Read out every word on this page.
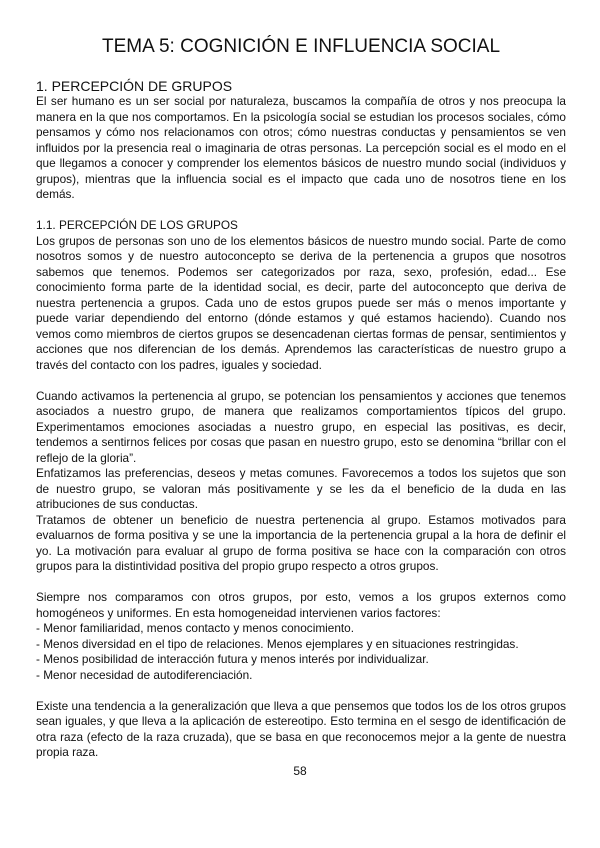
TEMA 5: COGNICIÓN E INFLUENCIA SOCIAL
1. PERCEPCIÓN DE GRUPOS

El ser humano es un ser social por naturaleza, buscamos la compañía de otros y nos preocupa la manera en la que nos comportamos. En la psicología social se estudian los procesos sociales, cómo pensamos y cómo nos relacionamos con otros; cómo nuestras conductas y pensamientos se ven influidos por la presencia real o imaginaria de otras personas. La percepción social es el modo en el que llegamos a conocer y comprender los elementos básicos de nuestro mundo social (individuos y grupos), mientras que la influencia social es el impacto que cada uno de nosotros tiene en los demás.

1.1. PERCEPCIÓN DE LOS GRUPOS

Los grupos de personas son uno de los elementos básicos de nuestro mundo social. Parte de como nosotros somos y de nuestro autoconcepto se deriva de la pertenencia a grupos que nosotros sabemos que tenemos. Podemos ser categorizados por raza, sexo, profesión, edad... Ese conocimiento forma parte de la identidad social, es decir, parte del autoconcepto que deriva de nuestra pertenencia a grupos. Cada uno de estos grupos puede ser más o menos importante y puede variar dependiendo del entorno (dónde estamos y qué estamos haciendo). Cuando nos vemos como miembros de ciertos grupos se desencadenan ciertas formas de pensar, sentimientos y acciones que nos diferencian de los demás. Aprendemos las características de nuestro grupo a través del contacto con los padres, iguales y sociedad.

Cuando activamos la pertenencia al grupo, se potencian los pensamientos y acciones que tenemos asociados a nuestro grupo, de manera que realizamos comportamientos típicos del grupo. Experimentamos emociones asociadas a nuestro grupo, en especial las positivas, es decir, tendemos a sentirnos felices por cosas que pasan en nuestro grupo, esto se denomina “brillar con el reflejo de la gloria”.

Enfatizamos las preferencias, deseos y metas comunes. Favorecemos a todos los sujetos que son de nuestro grupo, se valoran más positivamente y se les da el beneficio de la duda en las atribuciones de sus conductas.

Tratamos de obtener un beneficio de nuestra pertenencia al grupo. Estamos motivados para evaluarnos de forma positiva y se une la importancia de la pertenencia grupal a la hora de definir el yo. La motivación para evaluar al grupo de forma positiva se hace con la comparación con otros grupos para la distintividad positiva del propio grupo respecto a otros grupos.

Siempre nos comparamos con otros grupos, por esto, vemos a los grupos externos como homogéneos y uniformes. En esta homogeneidad intervienen varios factores:

- Menor familiaridad, menos contacto y menos conocimiento.
- Menos diversidad en el tipo de relaciones. Menos ejemplares y en situaciones restringidas.
- Menos posibilidad de interacción futura y menos interés por individualizar.
- Menor necesidad de autodiferenciación.

Existe una tendencia a la generalización que lleva a que pensemos que todos los de los otros grupos sean iguales, y que lleva a la aplicación de estereotipo. Esto termina en el sesgo de identificación de otra raza (efecto de la raza cruzada), que se basa en que reconocemos mejor a la gente de nuestra propia raza.

58
